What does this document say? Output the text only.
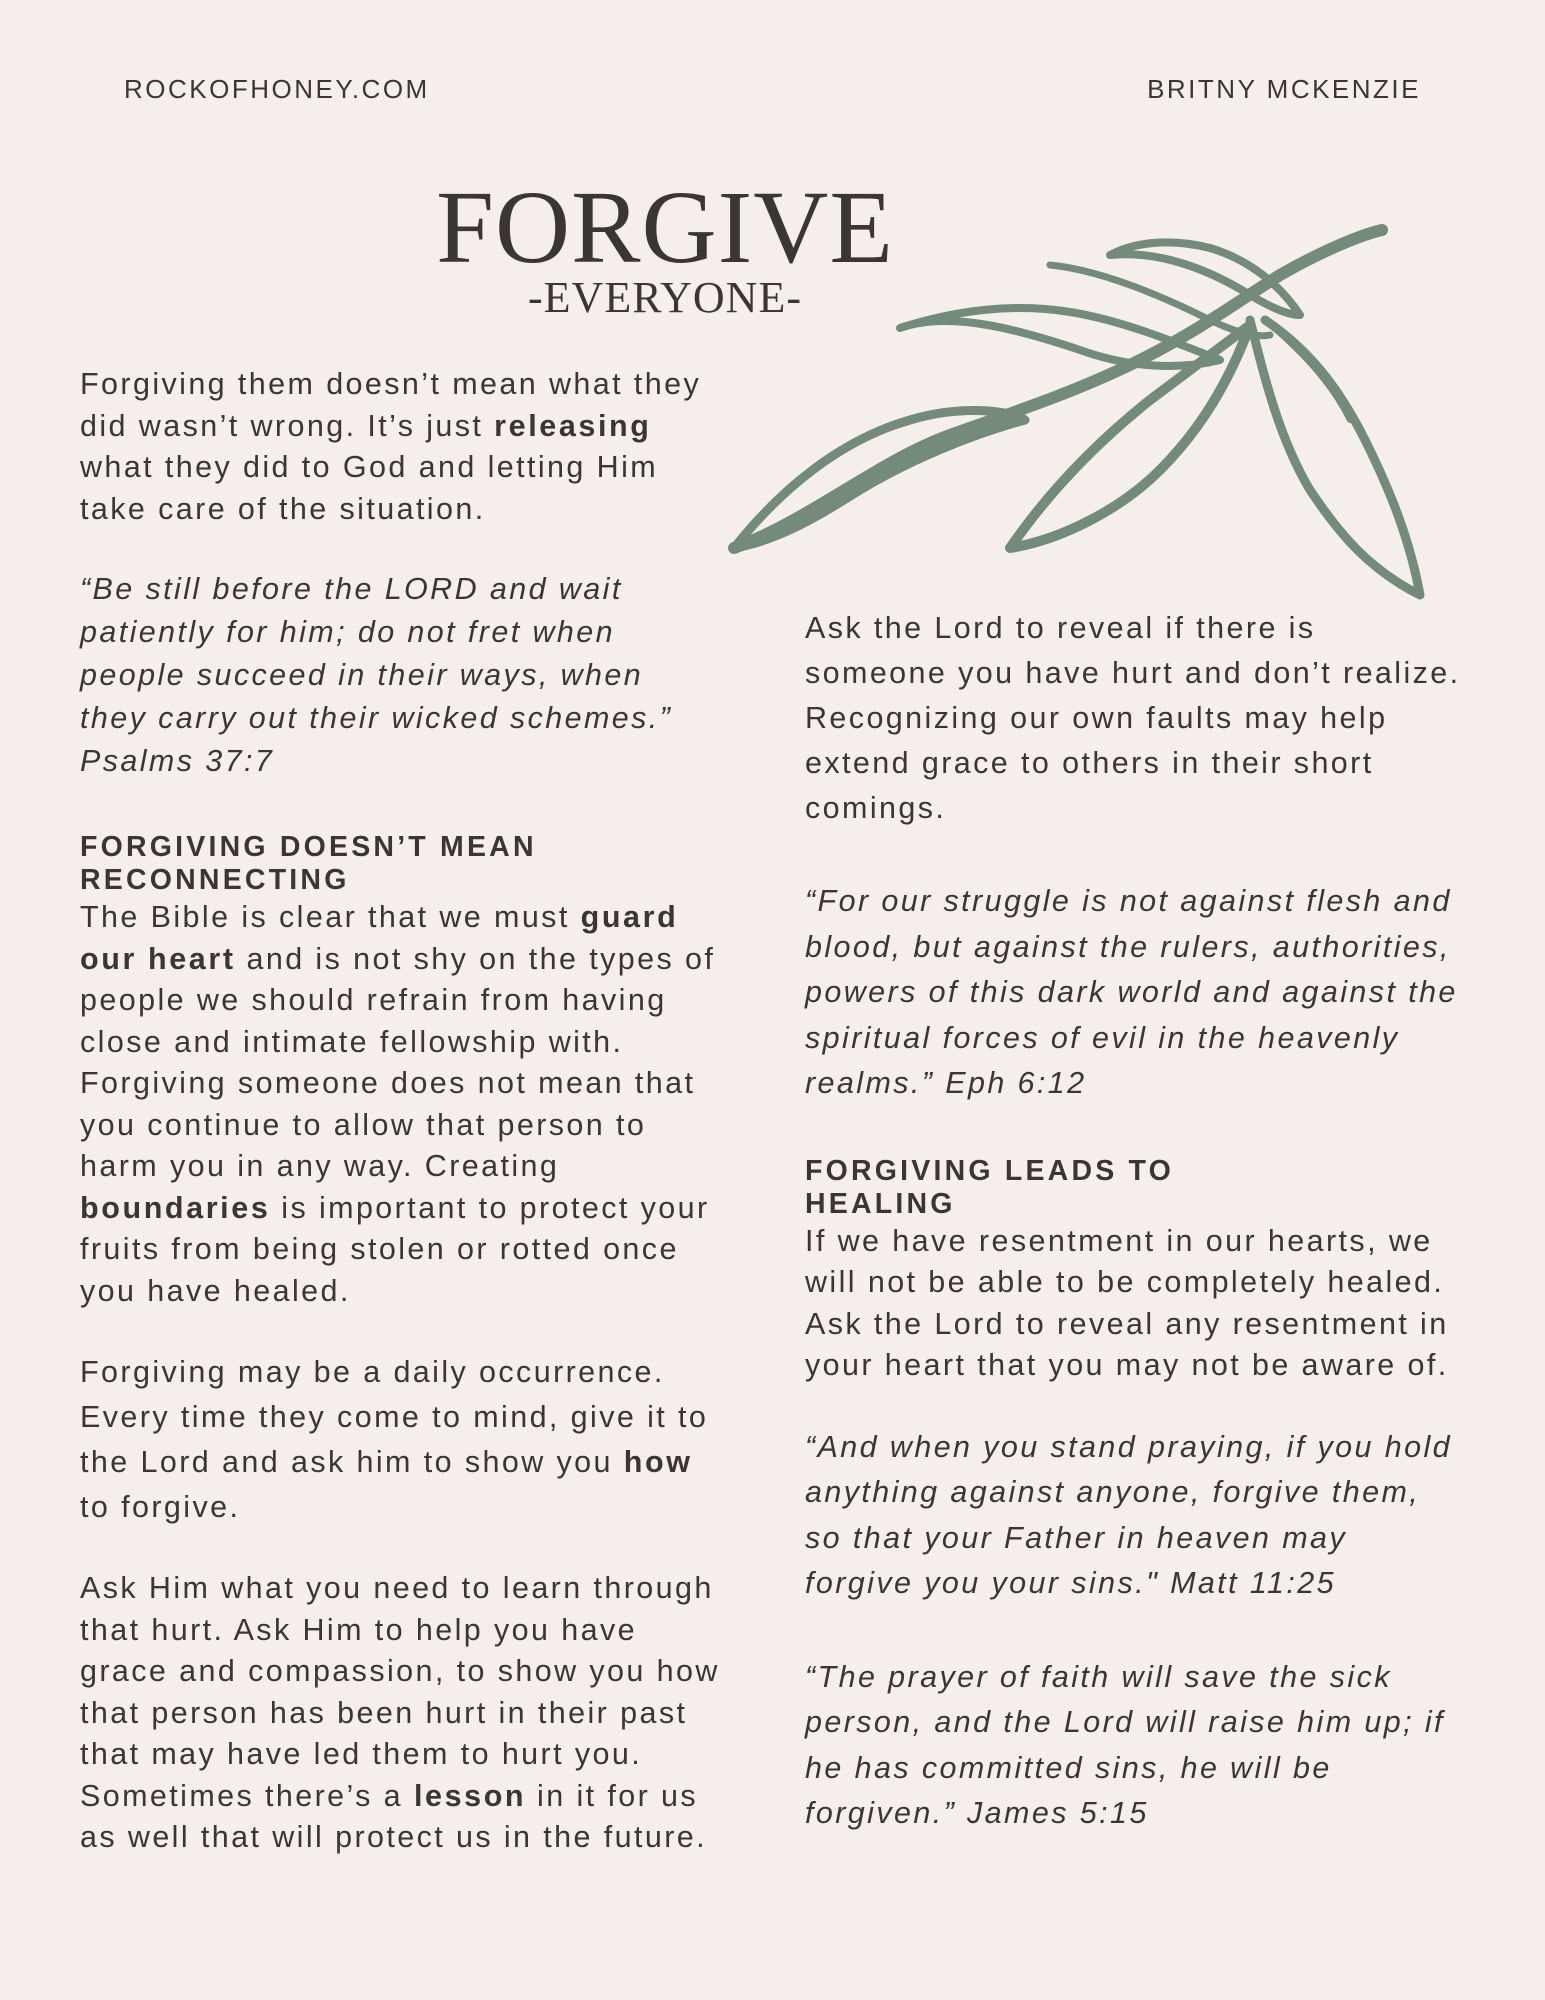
ROCKOFHONEY.COM	BRITNY MCKENZIE
FORGIVE
-EVERYONE-

Forgiving them doesn’t mean what they did wasn’t wrong. It’s just releasing what they did to God and letting Him take care of the situation.

“Be still before the LORD and wait patiently for him; do not fret when people succeed in their ways, when they carry out their wicked schemes.” Psalms 37:7

FORGIVING DOESN’T MEAN
RECONNECTING

The Bible is clear that we must guard our heart and is not shy on the types of people we should refrain from having close and intimate fellowship with. Forgiving someone does not mean that you continue to allow that person to harm you in any way. Creating boundaries is important to protect your fruits from being stolen or rotted once you have healed.

Forgiving may be a daily occurrence. Every time they come to mind, give it to the Lord and ask him to show you how to forgive.

Ask Him what you need to learn through that hurt. Ask Him to help you have grace and compassion, to show you how that person has been hurt in their past that may have led them to hurt you. Sometimes there’s a lesson in it for us as well that will protect us in the future.

Ask the Lord to reveal if there is someone you have hurt and don’t realize. Recognizing our own faults may help extend grace to others in their short comings.

“For our struggle is not against flesh and blood, but against the rulers, authorities, powers of this dark world and against the spiritual forces of evil in the heavenly realms.” Eph 6:12

FORGIVING LEADS TO
HEALING

If we have resentment in our hearts, we will not be able to be completely healed. Ask the Lord to reveal any resentment in your heart that you may not be aware of.

“And when you stand praying, if you hold anything against anyone, forgive them, so that your Father in heaven may forgive you your sins." Matt 11:25

“The prayer of faith will save the sick person, and the Lord will raise him up; if he has committed sins, he will be forgiven.” James 5:15
